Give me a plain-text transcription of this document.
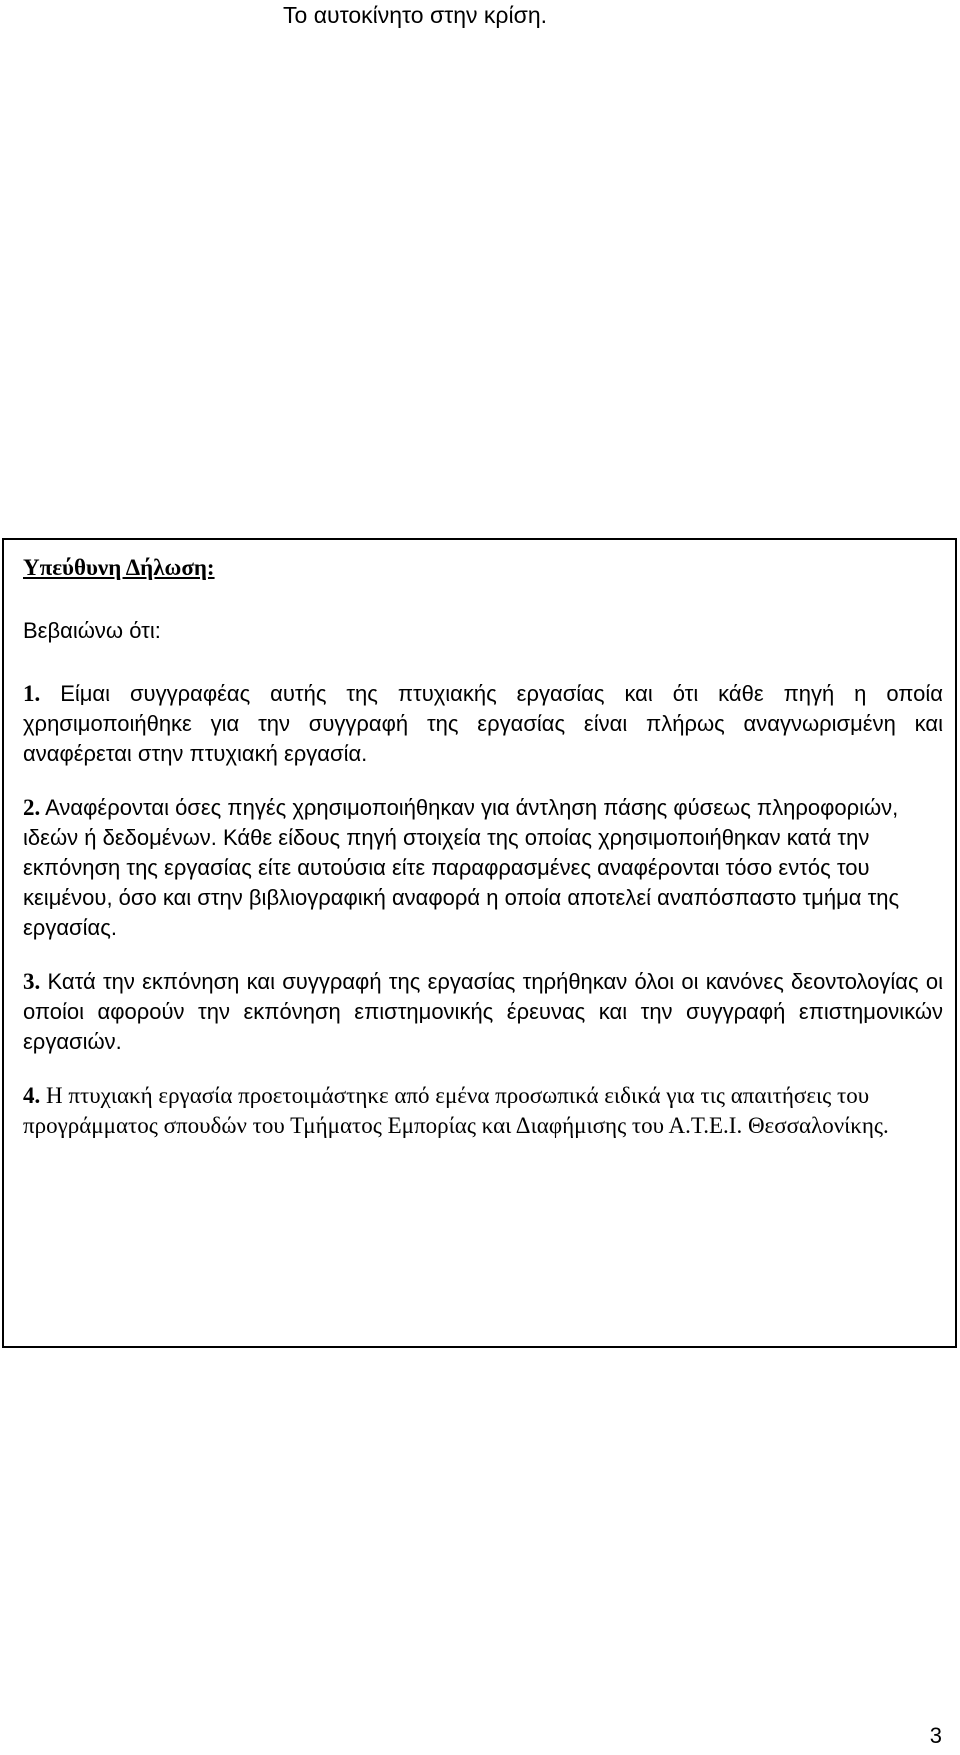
Το αυτοκίνητο στην κρίση.
Υπεύθυνη Δήλωση:
Βεβαιώνω ότι:

1. Είμαι συγγραφέας αυτής της πτυχιακής εργασίας και ότι κάθε πηγή η οποία χρησιμοποιήθηκε για την συγγραφή της εργασίας είναι πλήρως αναγνωρισμένη και αναφέρεται στην πτυχιακή εργασία.

2. Αναφέρονται όσες πηγές χρησιμοποιήθηκαν για άντληση πάσης φύσεως πληροφοριών, ιδεών ή δεδομένων. Κάθε είδους πηγή στοιχεία της οποίας χρησιμοποιήθηκαν κατά την εκπόνηση της εργασίας είτε αυτούσια είτε παραφρασμένες αναφέρονται τόσο εντός του κειμένου, όσο και στην βιβλιογραφική αναφορά η οποία αποτελεί αναπόσπαστο τμήμα της εργασίας.

3. Κατά την εκπόνηση και συγγραφή της εργασίας τηρήθηκαν όλοι οι κανόνες δεοντολογίας οι οποίοι αφορούν την εκπόνηση επιστημονικής έρευνας και την συγγραφή επιστημονικών εργασιών.

4. Η πτυχιακή εργασία προετοιμάστηκε από εμένα προσωπικά ειδικά για τις απαιτήσεις του προγράμματος σπουδών του Τμήματος Εμπορίας και Διαφήμισης του Α.Τ.Ε.Ι. Θεσσαλονίκης.

3
